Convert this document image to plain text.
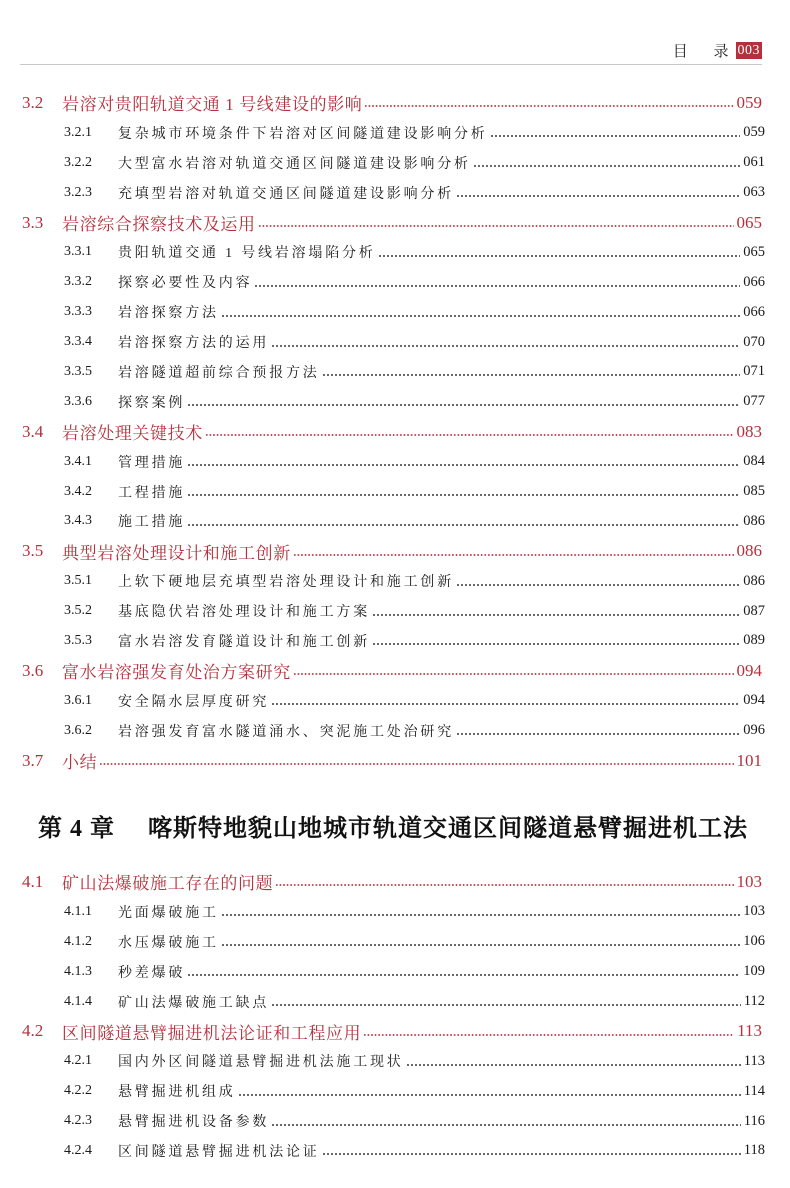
目 录 003
3.2	岩溶对贵阳轨道交通 1 号线建设的影响	059
3.2.1	复杂城市环境条件下岩溶对区间隧道建设影响分析	059
3.2.2	大型富水岩溶对轨道交通区间隧道建设影响分析	061
3.2.3	充填型岩溶对轨道交通区间隧道建设影响分析	063
3.3	岩溶综合探察技术及运用	065
3.3.1	贵阳轨道交通 1 号线岩溶塌陷分析	065
3.3.2	探察必要性及内容	066
3.3.3	岩溶探察方法	066
3.3.4	岩溶探察方法的运用	070
3.3.5	岩溶隧道超前综合预报方法	071
3.3.6	探察案例	077
3.4	岩溶处理关键技术	083
3.4.1	管理措施	084
3.4.2	工程措施	085
3.4.3	施工措施	086
3.5	典型岩溶处理设计和施工创新	086
3.5.1	上软下硬地层充填型岩溶处理设计和施工创新	086
3.5.2	基底隐伏岩溶处理设计和施工方案	087
3.5.3	富水岩溶发育隧道设计和施工创新	089
3.6	富水岩溶强发育处治方案研究	094
3.6.1	安全隔水层厚度研究	094
3.6.2	岩溶强发育富水隧道涌水、突泥施工处治研究	096
3.7	小结	101
第 4 章	喀斯特地貌山地城市轨道交通区间隧道悬臂掘进机工法
4.1	矿山法爆破施工存在的问题	103
4.1.1	光面爆破施工	103
4.1.2	水压爆破施工	106
4.1.3	秒差爆破	109
4.1.4	矿山法爆破施工缺点	112
4.2	区间隧道悬臂掘进机法论证和工程应用	113
4.2.1	国内外区间隧道悬臂掘进机法施工现状	113
4.2.2	悬臂掘进机组成	114
4.2.3	悬臂掘进机设备参数	116
4.2.4	区间隧道悬臂掘进机法论证	118
